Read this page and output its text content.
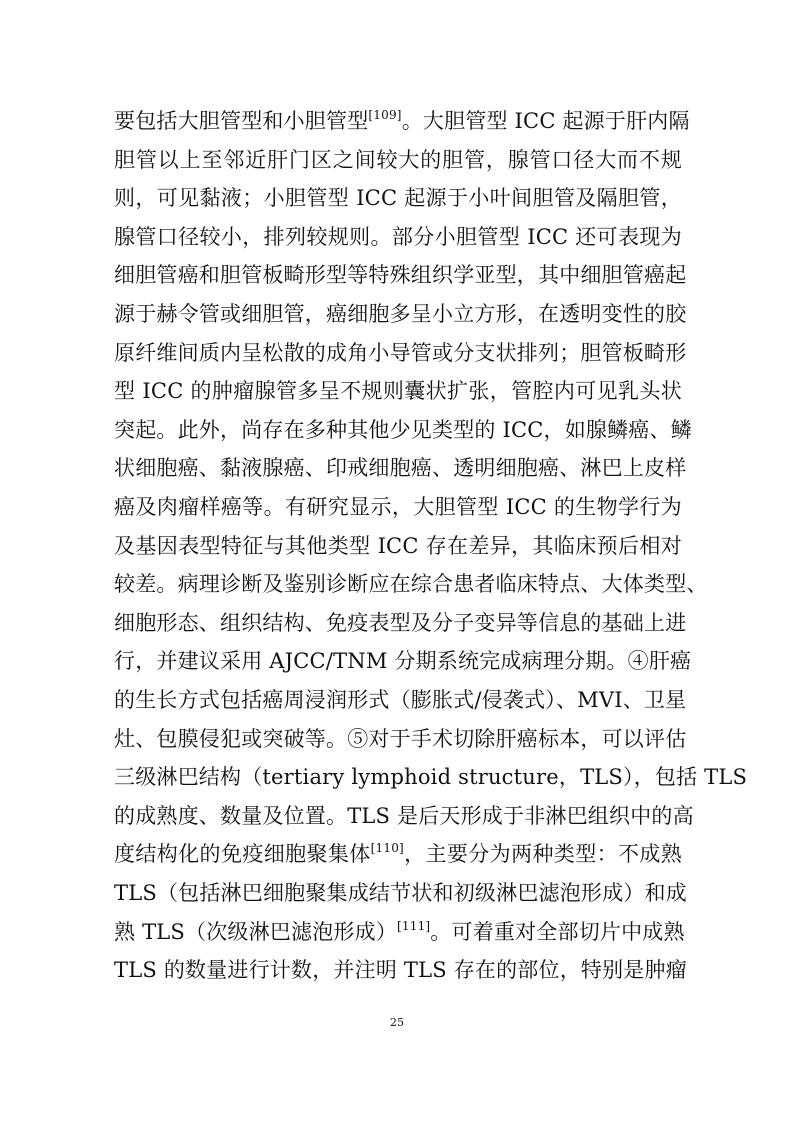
要包括大胆管型和小胆管型[109]。大胆管型 ICC 起源于肝内隔
胆管以上至邻近肝门区之间较大的胆管，腺管口径大而不规
则，可见黏液；小胆管型 ICC 起源于小叶间胆管及隔胆管，
腺管口径较小，排列较规则。部分小胆管型 ICC 还可表现为
细胆管癌和胆管板畸形型等特殊组织学亚型，其中细胆管癌起
源于赫令管或细胆管，癌细胞多呈小立方形，在透明变性的胶
原纤维间质内呈松散的成角小导管或分支状排列；胆管板畸形
型 ICC 的肿瘤腺管多呈不规则囊状扩张，管腔内可见乳头状
突起。此外，尚存在多种其他少见类型的 ICC，如腺鳞癌、鳞
状细胞癌、黏液腺癌、印戒细胞癌、透明细胞癌、淋巴上皮样
癌及肉瘤样癌等。有研究显示，大胆管型 ICC 的生物学行为
及基因表型特征与其他类型 ICC 存在差异，其临床预后相对
较差。病理诊断及鉴别诊断应在综合患者临床特点、大体类型、
细胞形态、组织结构、免疫表型及分子变异等信息的基础上进
行，并建议采用 AJCC/TNM 分期系统完成病理分期。④肝癌
的生长方式包括癌周浸润形式（膨胀式/侵袭式）、MVI、卫星
灶、包膜侵犯或突破等。⑤对于手术切除肝癌标本，可以评估
三级淋巴结构（tertiary lymphoid structure，TLS），包括 TLS
的成熟度、数量及位置。TLS 是后天形成于非淋巴组织中的高
度结构化的免疫细胞聚集体[110]，主要分为两种类型：不成熟
TLS（包括淋巴细胞聚集成结节状和初级淋巴滤泡形成）和成
熟 TLS（次级淋巴滤泡形成）[111]。可着重对全部切片中成熟
TLS 的数量进行计数，并注明 TLS 存在的部位，特别是肿瘤
25
